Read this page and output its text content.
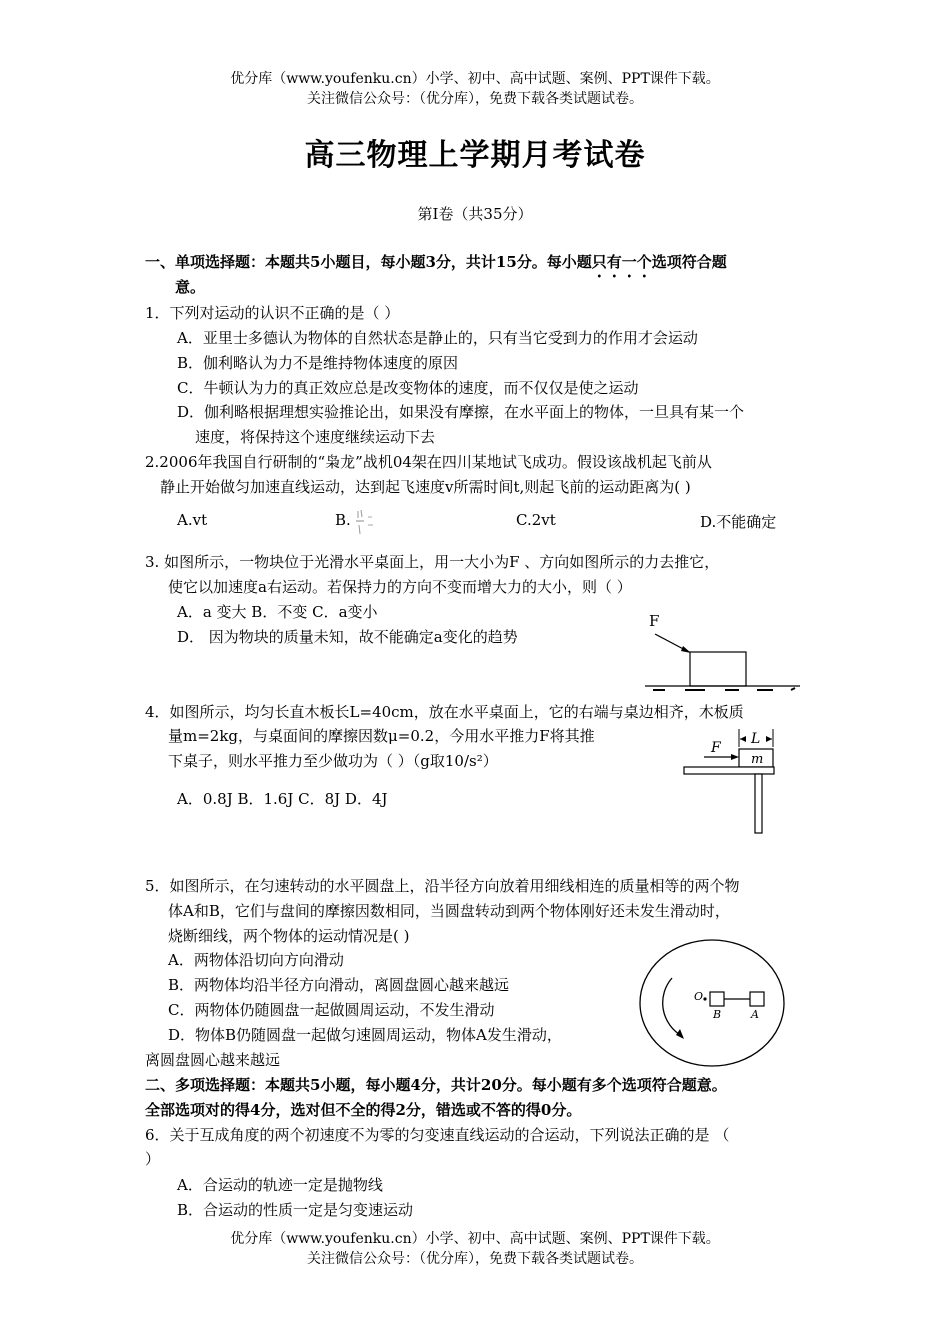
优分库（www.youfenku.cn）小学、初中、高中试题、案例、PPT课件下载。
关注微信公众号：（优分库），免费下载各类试题试卷。
高三物理上学期月考试卷
第Ⅰ卷（共35分）
一、单项选择题：本题共5小题目，每小题3分，共计15分。每小题只有一个选项符合题
意。
1．下列对运动的认识不正确的是（ ）
A．亚里士多德认为物体的自然状态是静止的，只有当它受到力的作用才会运动
B．伽利略认为力不是维持物体速度的原因
C．牛顿认为力的真正效应总是改变物体的速度，而不仅仅是使之运动
D．伽利略根据理想实验推论出，如果没有摩擦，在水平面上的物体，一旦具有某一个
速度，将保持这个速度继续运动下去
2.2006年我国自行研制的“枭龙”战机04架在四川某地试飞成功。假设该战机起飞前从
静止开始做匀加速直线运动，达到起飞速度v所需时间t,则起飞前的运动距离为( )
A.vt	B.	C.2vt	D.不能确定
3. 如图所示，一物块位于光滑水平桌面上，用一大小为F 、方向如图所示的力去推它，
使它以加速度a右运动。若保持力的方向不变而增大力的大小，则（ ）
A．a 变大 B．不变 C．a变小
D． 因为物块的质量未知，故不能确定a变化的趋势
F
4．如图所示，均匀长直木板长L=40cm，放在水平桌面上，它的右端与桌边相齐，木板质
量m=2kg，与桌面间的摩擦因数μ=0.2，今用水平推力F将其推
下桌子，则水平推力至少做功为（ ）（g取10/s²）
A．0.8J B．1.6J C．8J D．4J
F
L
m
5．如图所示，在匀速转动的水平圆盘上，沿半径方向放着用细线相连的质量相等的两个物
体A和B，它们与盘间的摩擦因数相同，当圆盘转动到两个物体刚好还未发生滑动时，
烧断细线，两个物体的运动情况是( )
A．两物体沿切向方向滑动
B．两物体均沿半径方向滑动，离圆盘圆心越来越远
C．两物体仍随圆盘一起做圆周运动，不发生滑动
D．物体B仍随圆盘一起做匀速圆周运动，物体A发生滑动，
离圆盘圆心越来越远
O
B	A
二、多项选择题：本题共5小题，每小题4分，共计20分。每小题有多个选项符合题意。
全部选项对的得4分，选对但不全的得2分，错选或不答的得0分。
6．关于互成角度的两个初速度不为零的匀变速直线运动的合运动，下列说法正确的是 （
）
A．合运动的轨迹一定是抛物线
B．合运动的性质一定是匀变速运动
优分库（www.youfenku.cn）小学、初中、高中试题、案例、PPT课件下载。
关注微信公众号：（优分库），免费下载各类试题试卷。
